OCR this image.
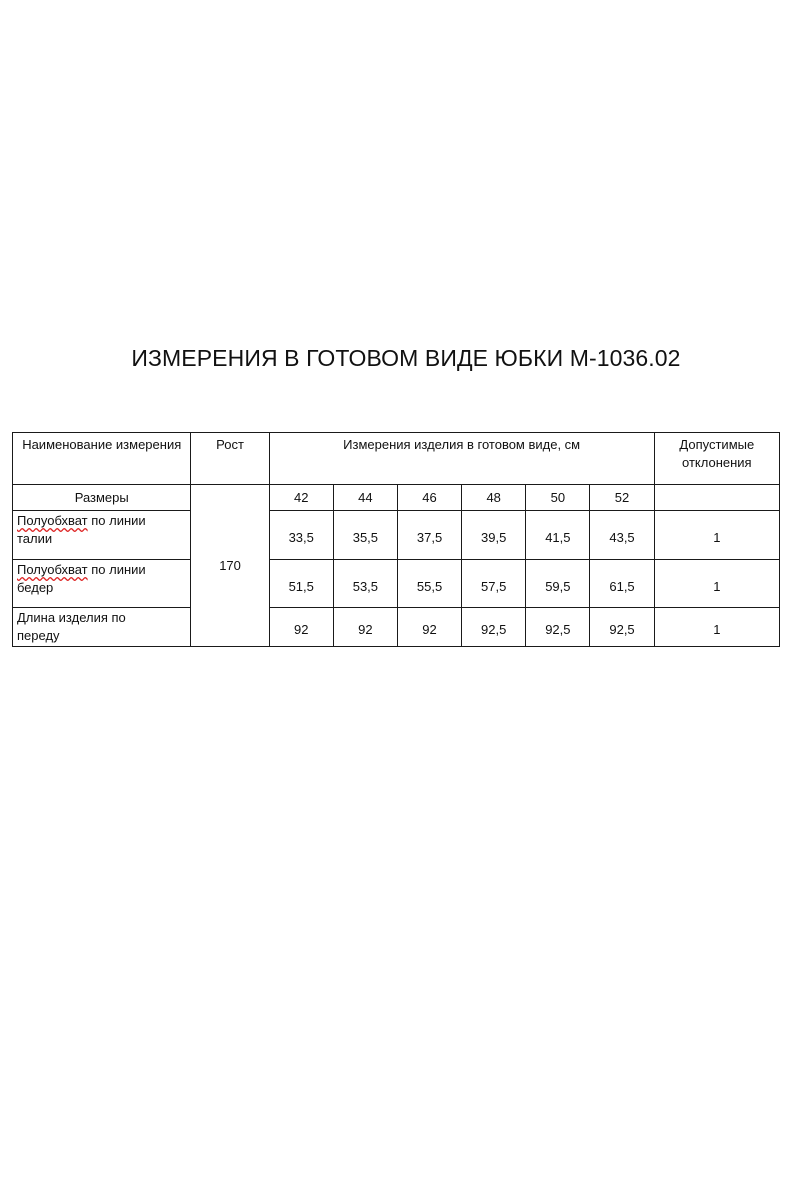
ИЗМЕРЕНИЯ В ГОТОВОМ ВИДЕ ЮБКИ М-1036.02
Наименование измерения	Рост	Измерения изделия в готовом виде, см						Допустимые отклонения
Размеры	170	42	44	46	48	50	52	
Полуобхват по линии
талии		33,5	35,5	37,5	39,5	41,5	43,5	1
Полуобхват по линии
бедер		51,5	53,5	55,5	57,5	59,5	61,5	1
Длина изделия по
переду		92	92	92	92,5	92,5	92,5	1
